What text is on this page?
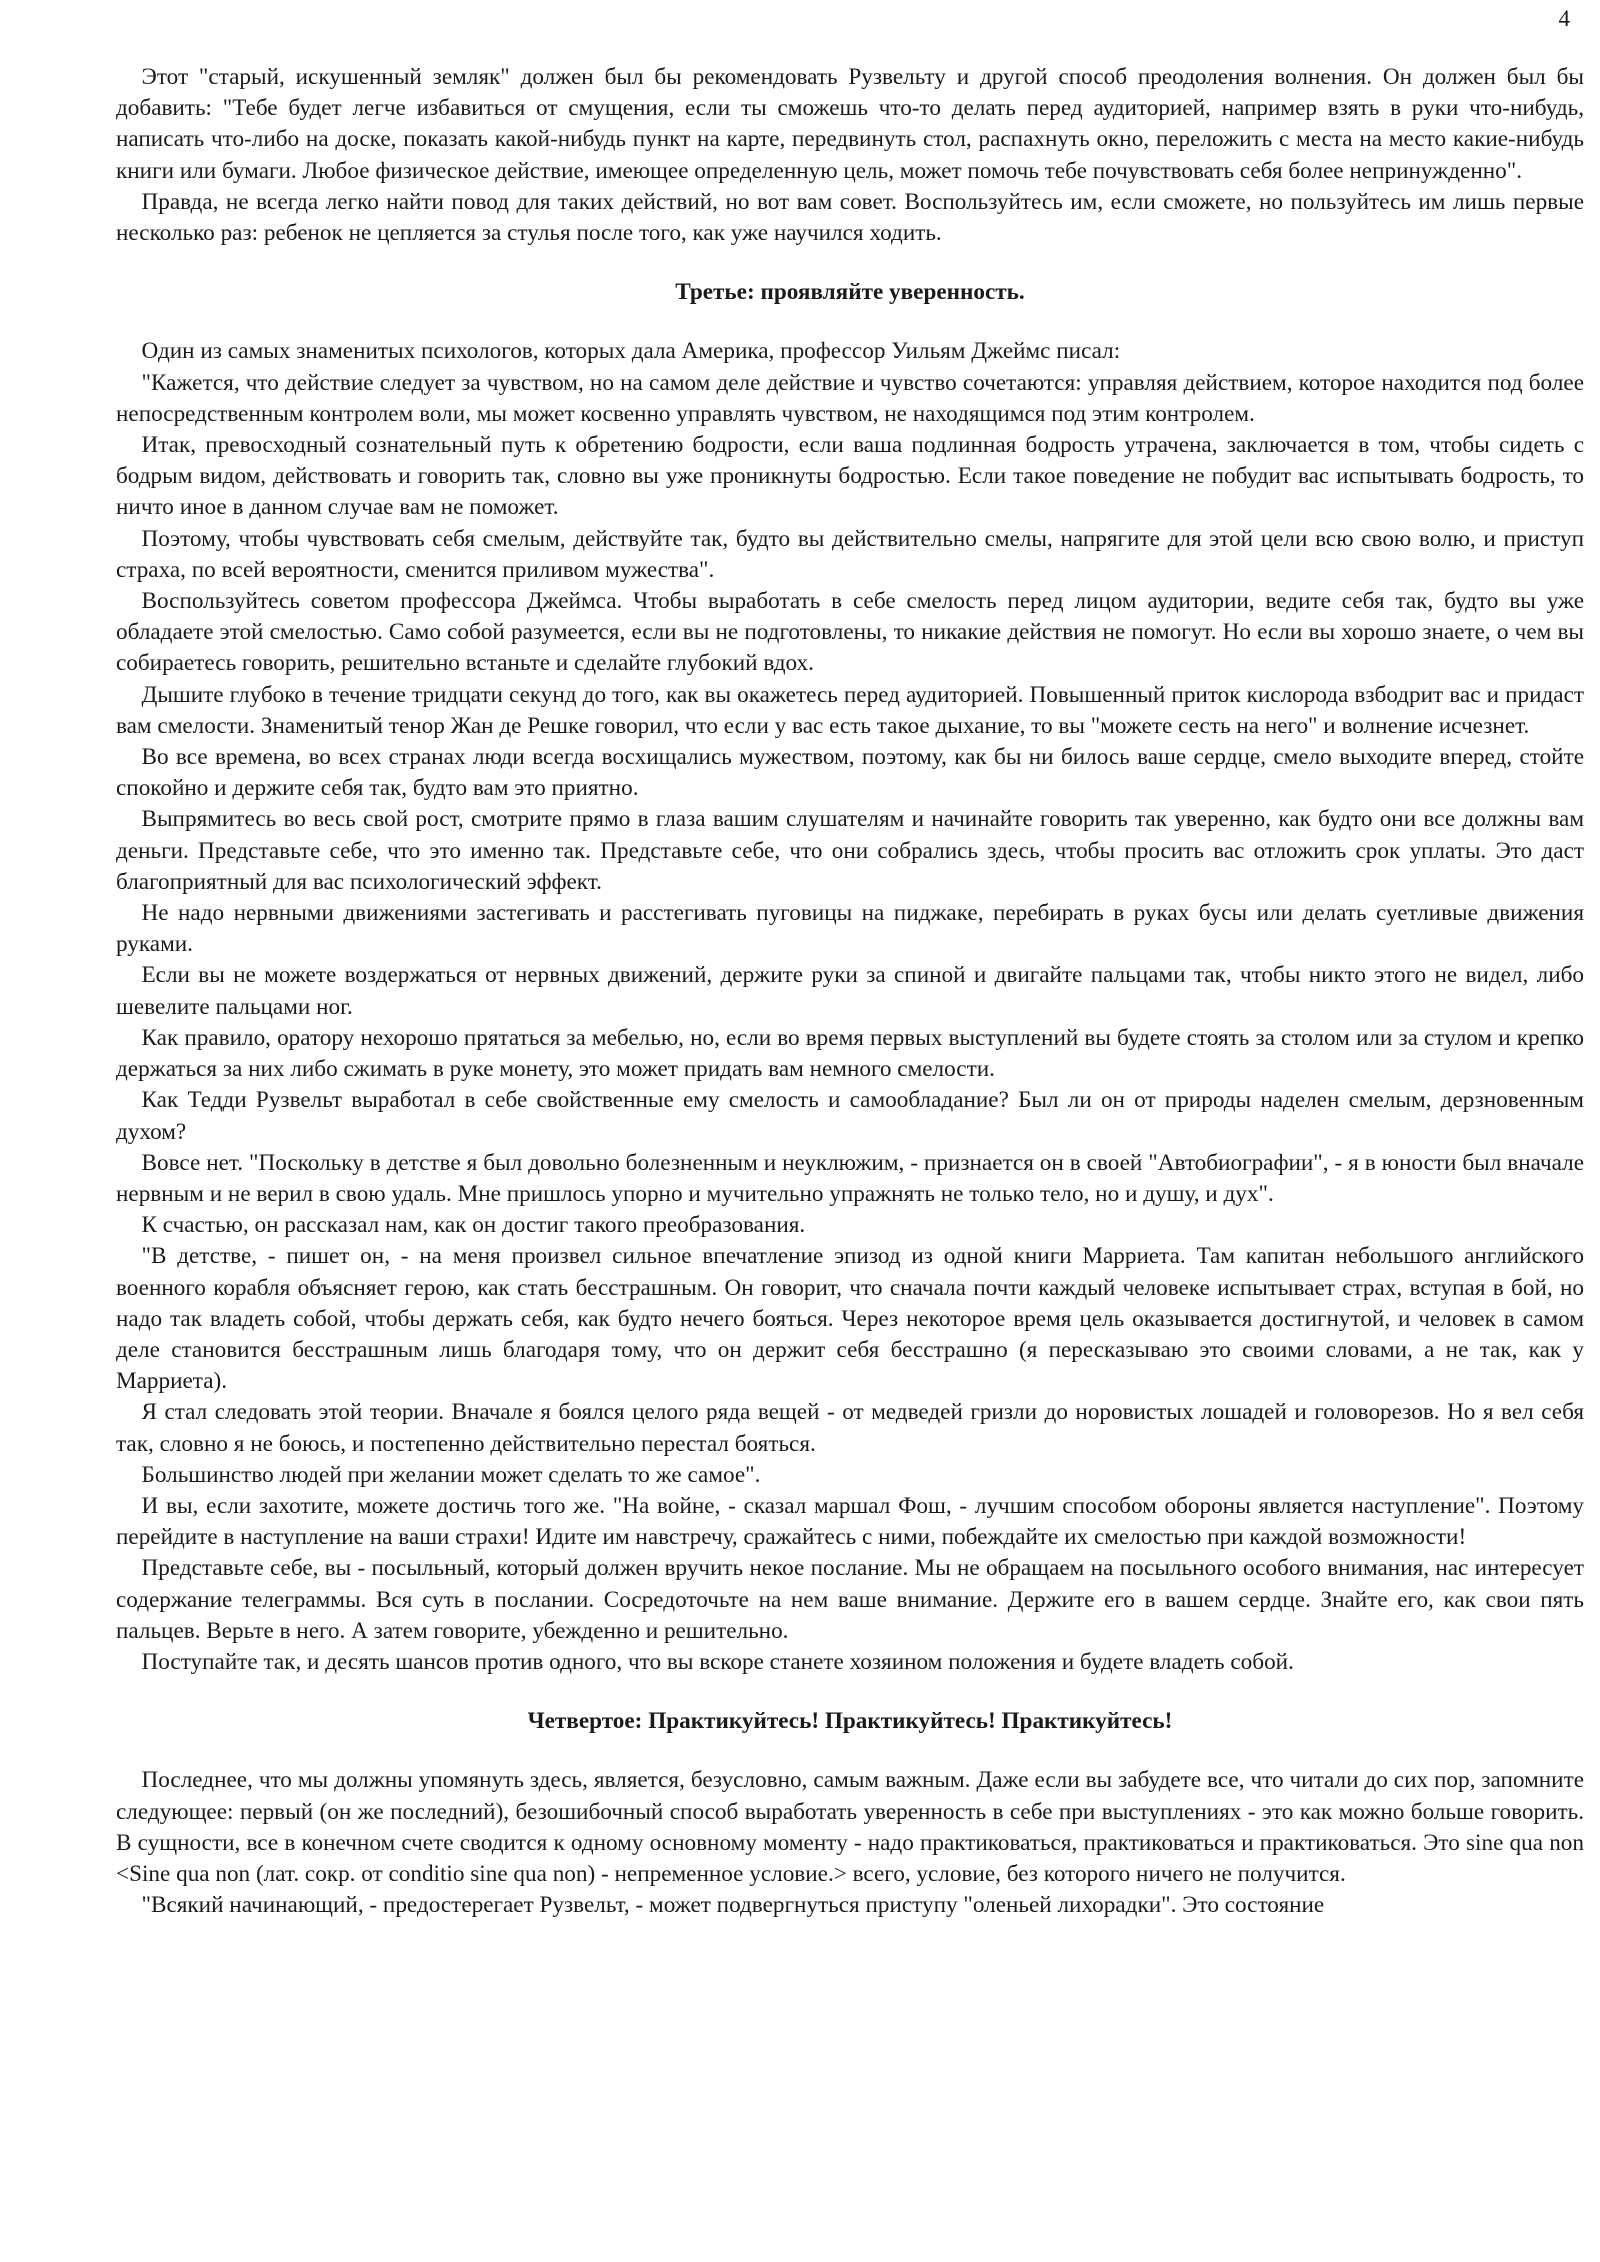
4

Этот "старый, искушенный земляк" должен был бы рекомендовать Рузвельту и другой способ преодоления волнения. Он должен был бы добавить: "Тебе будет легче избавиться от смущения, если ты сможешь что-то делать перед аудиторией, например взять в руки что-нибудь, написать что-либо на доске, показать какой-нибудь пункт на карте, передвинуть стол, распахнуть окно, переложить с места на место какие-нибудь книги или бумаги. Любое физическое действие, имеющее определенную цель, может помочь тебе почувствовать себя более непринужденно".

Правда, не всегда легко найти повод для таких действий, но вот вам совет. Воспользуйтесь им, если сможете, но пользуйтесь им лишь первые несколько раз: ребенок не цепляется за стулья после того, как уже научился ходить.

Третье: проявляйте уверенность.

Один из самых знаменитых психологов, которых дала Америка, профессор Уильям Джеймс писал:

"Кажется, что действие следует за чувством, но на самом деле действие и чувство сочетаются: управляя действием, которое находится под более непосредственным контролем воли, мы может косвенно управлять чувством, не находящимся под этим контролем.

Итак, превосходный сознательный путь к обретению бодрости, если ваша подлинная бодрость утрачена, заключается в том, чтобы сидеть с бодрым видом, действовать и говорить так, словно вы уже проникнуты бодростью. Если такое поведение не побудит вас испытывать бодрость, то ничто иное в данном случае вам не поможет.

Поэтому, чтобы чувствовать себя смелым, действуйте так, будто вы действительно смелы, напрягите для этой цели всю свою волю, и приступ страха, по всей вероятности, сменится приливом мужества".

Воспользуйтесь советом профессора Джеймса. Чтобы выработать в себе смелость перед лицом аудитории, ведите себя так, будто вы уже обладаете этой смелостью. Само собой разумеется, если вы не подготовлены, то никакие действия не помогут. Но если вы хорошо знаете, о чем вы собираетесь говорить, решительно встаньте и сделайте глубокий вдох.

Дышите глубоко в течение тридцати секунд до того, как вы окажетесь перед аудиторией. Повышенный приток кислорода взбодрит вас и придаст вам смелости. Знаменитый тенор Жан де Решке говорил, что если у вас есть такое дыхание, то вы "можете сесть на него" и волнение исчезнет.

Во все времена, во всех странах люди всегда восхищались мужеством, поэтому, как бы ни билось ваше сердце, смело выходите вперед, стойте спокойно и держите себя так, будто вам это приятно.

Выпрямитесь во весь свой рост, смотрите прямо в глаза вашим слушателям и начинайте говорить так уверенно, как будто они все должны вам деньги. Представьте себе, что это именно так. Представьте себе, что они собрались здесь, чтобы просить вас отложить срок уплаты. Это даст благоприятный для вас психологический эффект.

Не надо нервными движениями застегивать и расстегивать пуговицы на пиджаке, перебирать в руках бусы или делать суетливые движения руками.

Если вы не можете воздержаться от нервных движений, держите руки за спиной и двигайте пальцами так, чтобы никто этого не видел, либо шевелите пальцами ног.

Как правило, оратору нехорошо прятаться за мебелью, но, если во время первых выступлений вы будете стоять за столом или за стулом и крепко держаться за них либо сжимать в руке монету, это может придать вам немного смелости.

Как Тедди Рузвельт выработал в себе свойственные ему смелость и самообладание? Был ли он от природы наделен смелым, дерзновенным духом?

Вовсе нет. "Поскольку в детстве я был довольно болезненным и неуклюжим, - признается он в своей "Автобиографии", - я в юности был вначале нервным и не верил в свою удаль. Мне пришлось упорно и мучительно упражнять не только тело, но и душу, и дух".

К счастью, он рассказал нам, как он достиг такого преобразования.

"В детстве, - пишет он, - на меня произвел сильное впечатление эпизод из одной книги Марриета. Там капитан небольшого английского военного корабля объясняет герою, как стать бесстрашным. Он говорит, что сначала почти каждый человеке испытывает страх, вступая в бой, но надо так владеть собой, чтобы держать себя, как будто нечего бояться. Через некоторое время цель оказывается достигнутой, и человек в самом деле становится бесстрашным лишь благодаря тому, что он держит себя бесстрашно (я пересказываю это своими словами, а не так, как у Марриета).

Я стал следовать этой теории. Вначале я боялся целого ряда вещей - от медведей гризли до норовистых лошадей и головорезов. Но я вел себя так, словно я не боюсь, и постепенно действительно перестал бояться.

Большинство людей при желании может сделать то же самое".

И вы, если захотите, можете достичь того же. "На войне, - сказал маршал Фош, - лучшим способом обороны является наступление". Поэтому перейдите в наступление на ваши страхи! Идите им навстречу, сражайтесь с ними, побеждайте их смелостью при каждой возможности!

Представьте себе, вы - посыльный, который должен вручить некое послание. Мы не обращаем на посыльного особого внимания, нас интересует содержание телеграммы. Вся суть в послании. Сосредоточьте на нем ваше внимание. Держите его в вашем сердце. Знайте его, как свои пять пальцев. Верьте в него. А затем говорите, убежденно и решительно.

Поступайте так, и десять шансов против одного, что вы вскоре станете хозяином положения и будете владеть собой.

Четвертое: Практикуйтесь! Практикуйтесь! Практикуйтесь!

Последнее, что мы должны упомянуть здесь, является, безусловно, самым важным. Даже если вы забудете все, что читали до сих пор, запомните следующее: первый (он же последний), безошибочный способ выработать уверенность в себе при выступлениях - это как можно больше говорить. В сущности, все в конечном счете сводится к одному основному моменту - надо практиковаться, практиковаться и практиковаться. Это sine qua non <Sine qua non (лат. сокр. от conditio sine qua non) - непременное условие.> всего, условие, без которого ничего не получится.

"Всякий начинающий, - предостерегает Рузвельт, - может подвергнуться приступу "оленьей лихорадки". Это состояние
